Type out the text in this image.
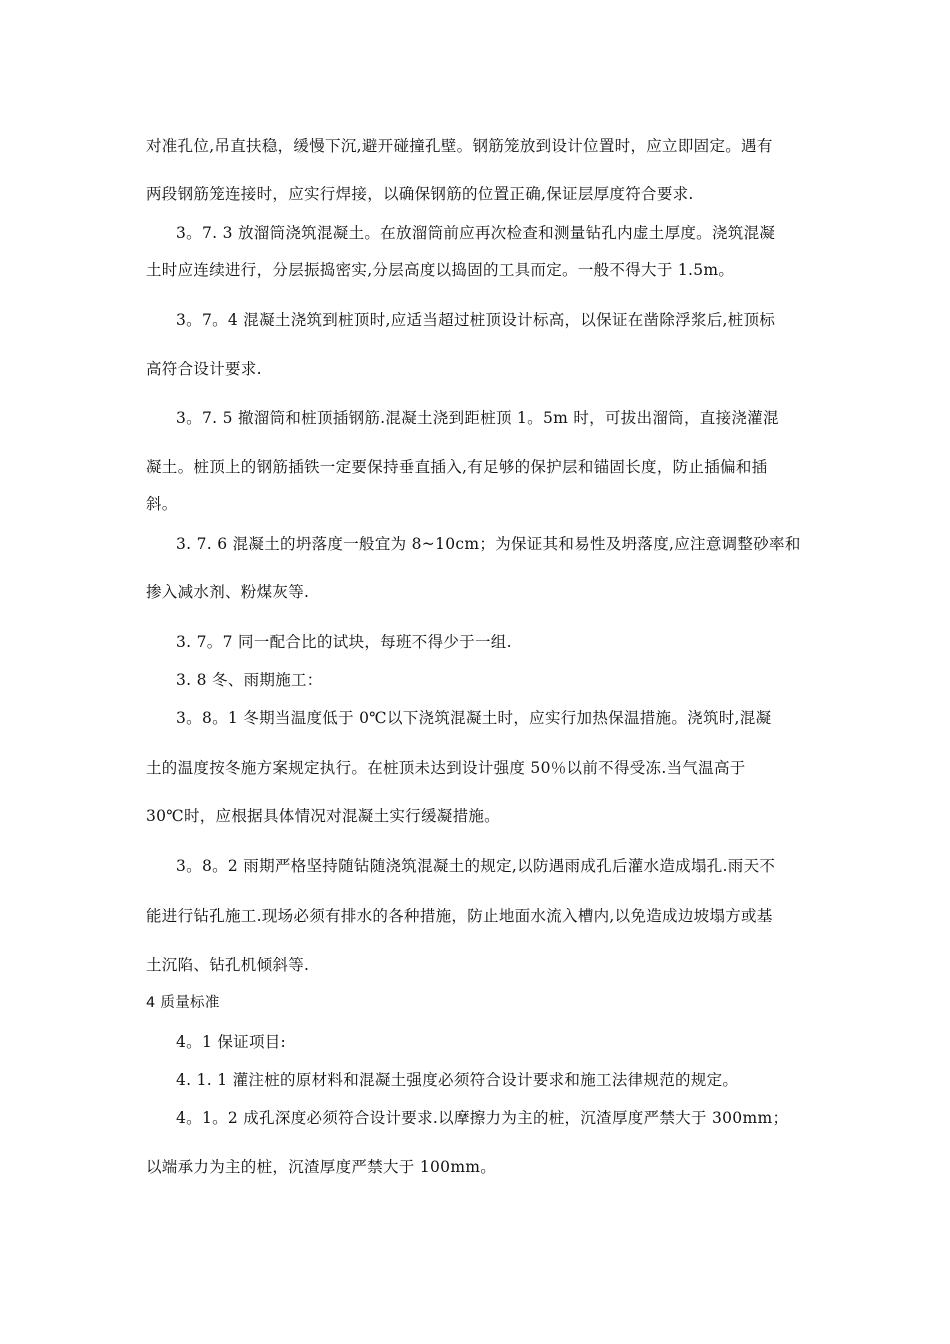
对准孔位,吊直扶稳，缓慢下沉,避开碰撞孔壁。钢筋笼放到设计位置时，应立即固定。遇有
两段钢筋笼连接时，应实行焊接，以确保钢筋的位置正确,保证层厚度符合要求.
3。7. 3 放溜筒浇筑混凝土。在放溜筒前应再次检查和测量钻孔内虚土厚度。浇筑混凝
土时应连续进行，分层振捣密实,分层高度以捣固的工具而定。一般不得大于 1.5m。
3。7。4 混凝土浇筑到桩顶时,应适当超过桩顶设计标高，以保证在凿除浮浆后,桩顶标
高符合设计要求.
3。7. 5 撤溜筒和桩顶插钢筋.混凝土浇到距桩顶 1。5m 时，可拔出溜筒，直接浇灌混
凝土。桩顶上的钢筋插铁一定要保持垂直插入,有足够的保护层和锚固长度，防止插偏和插
斜。
3. 7. 6 混凝土的坍落度一般宜为 8~10cm；为保证其和易性及坍落度,应注意调整砂率和
掺入减水剂、粉煤灰等.
3. 7。7 同一配合比的试块，每班不得少于一组.
3. 8 冬、雨期施工：
3。8。1 冬期当温度低于 0℃以下浇筑混凝土时，应实行加热保温措施。浇筑时,混凝
土的温度按冬施方案规定执行。在桩顶未达到设计强度 50％以前不得受冻.当气温高于
30℃时，应根据具体情况对混凝土实行缓凝措施。
3。8。2 雨期严格坚持随钻随浇筑混凝土的规定,以防遇雨成孔后灌水造成塌孔.雨天不
能进行钻孔施工.现场必须有排水的各种措施，防止地面水流入槽内,以免造成边坡塌方或基
土沉陷、钻孔机倾斜等.
4 质量标准
4。1 保证项目:
4. 1. 1 灌注桩的原材料和混凝土强度必须符合设计要求和施工法律规范的规定。
4。1。2 成孔深度必须符合设计要求.以摩擦力为主的桩，沉渣厚度严禁大于 300mm；
以端承力为主的桩，沉渣厚度严禁大于 100mm。
